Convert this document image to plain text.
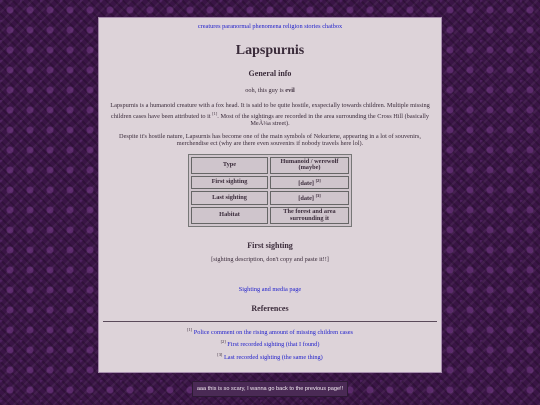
creatures paranormal phenomena religion stories chatbox
Lapspurnis
General info
ooh, this guy is evil
Lapspurnis is a humanoid creature with a fox head. It is said to be quite hostile, exspecially towards children. Multiple missing children cases have been attributed to it [1]. Most of the sightings are recorded in the area surrounding the Cross Hill (basically MeÃ¼a street).
Despite it's hostile nature, Lapsurnis has become one of the main symbols of Nekuriene, appearing in a lot of souvenirs, merchendise ect (why are there even souvenirs if nobody travels here lol).
Type	Humanoid / werewolf (maybe)
First sighting	[date] [2]
Last sighting	[date] [3]
Habitat	The forest and area surrounding it
First sighting
[sighting description, don't copy and paste it!!]
Sighting and media page
References
[1] Police comment on the rising amount of missing children cases
[2] First recorded sighting (that I found)
[3] Last recorded sighting (the same thing)
aaa this is so scary, I wanna go back to the previous page!!
